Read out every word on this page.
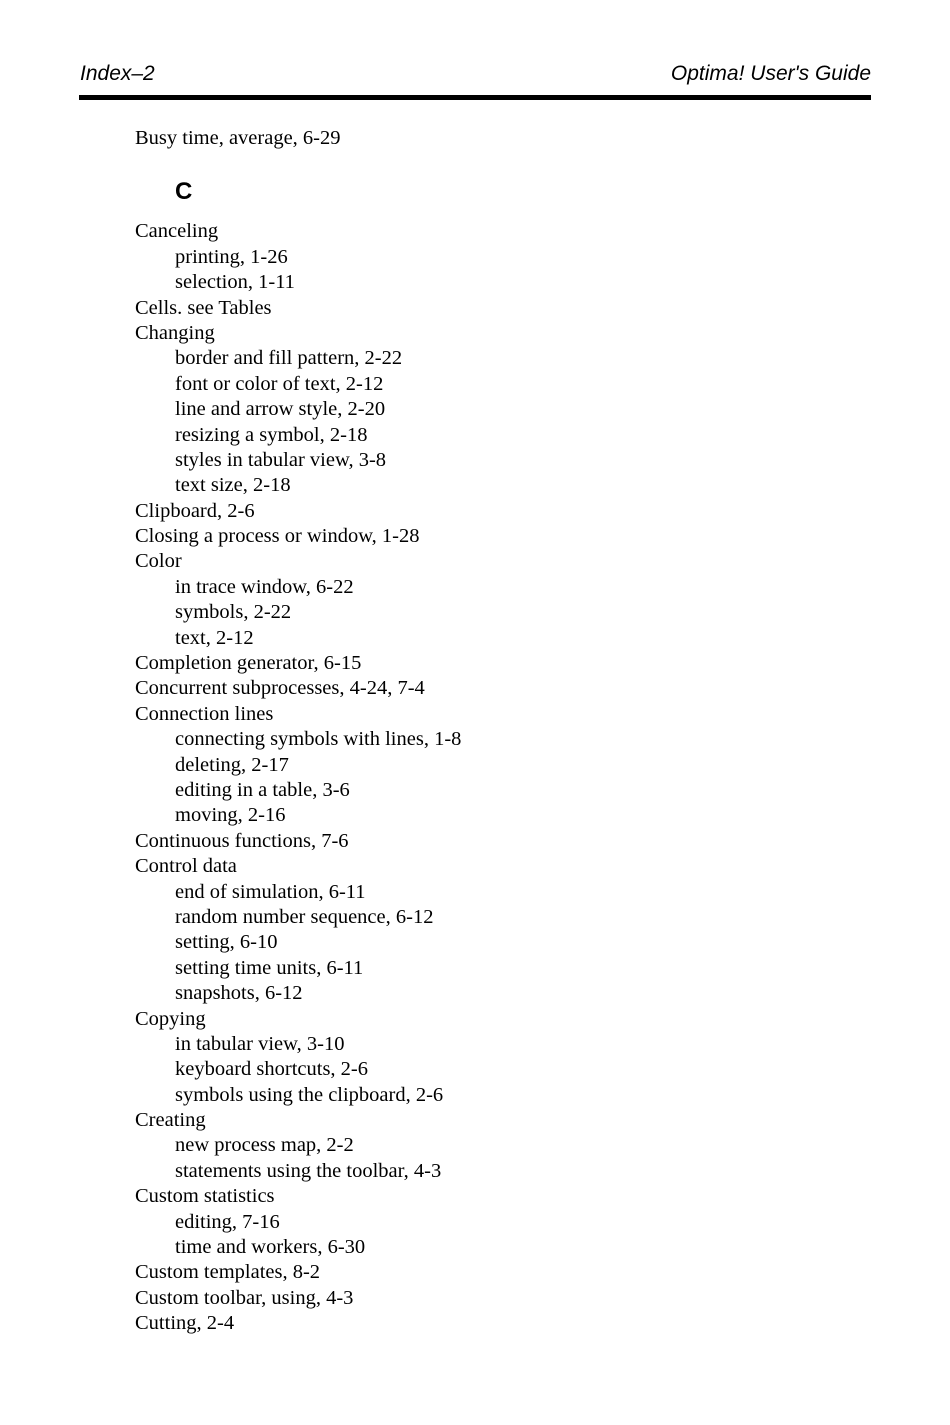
Index–2	Optima! User's Guide
Busy time, average, 6-29
C
Canceling
printing, 1-26
selection, 1-11
Cells. see Tables
Changing
border and fill pattern, 2-22
font or color of text, 2-12
line and arrow style, 2-20
resizing a symbol, 2-18
styles in tabular view, 3-8
text size, 2-18
Clipboard, 2-6
Closing a process or window, 1-28
Color
in trace window, 6-22
symbols, 2-22
text, 2-12
Completion generator, 6-15
Concurrent subprocesses, 4-24, 7-4
Connection lines
connecting symbols with lines, 1-8
deleting, 2-17
editing in a table, 3-6
moving, 2-16
Continuous functions, 7-6
Control data
end of simulation, 6-11
random number sequence, 6-12
setting, 6-10
setting time units, 6-11
snapshots, 6-12
Copying
in tabular view, 3-10
keyboard shortcuts, 2-6
symbols using the clipboard, 2-6
Creating
new process map, 2-2
statements using the toolbar, 4-3
Custom statistics
editing, 7-16
time and workers, 6-30
Custom templates, 8-2
Custom toolbar, using, 4-3
Cutting, 2-4
